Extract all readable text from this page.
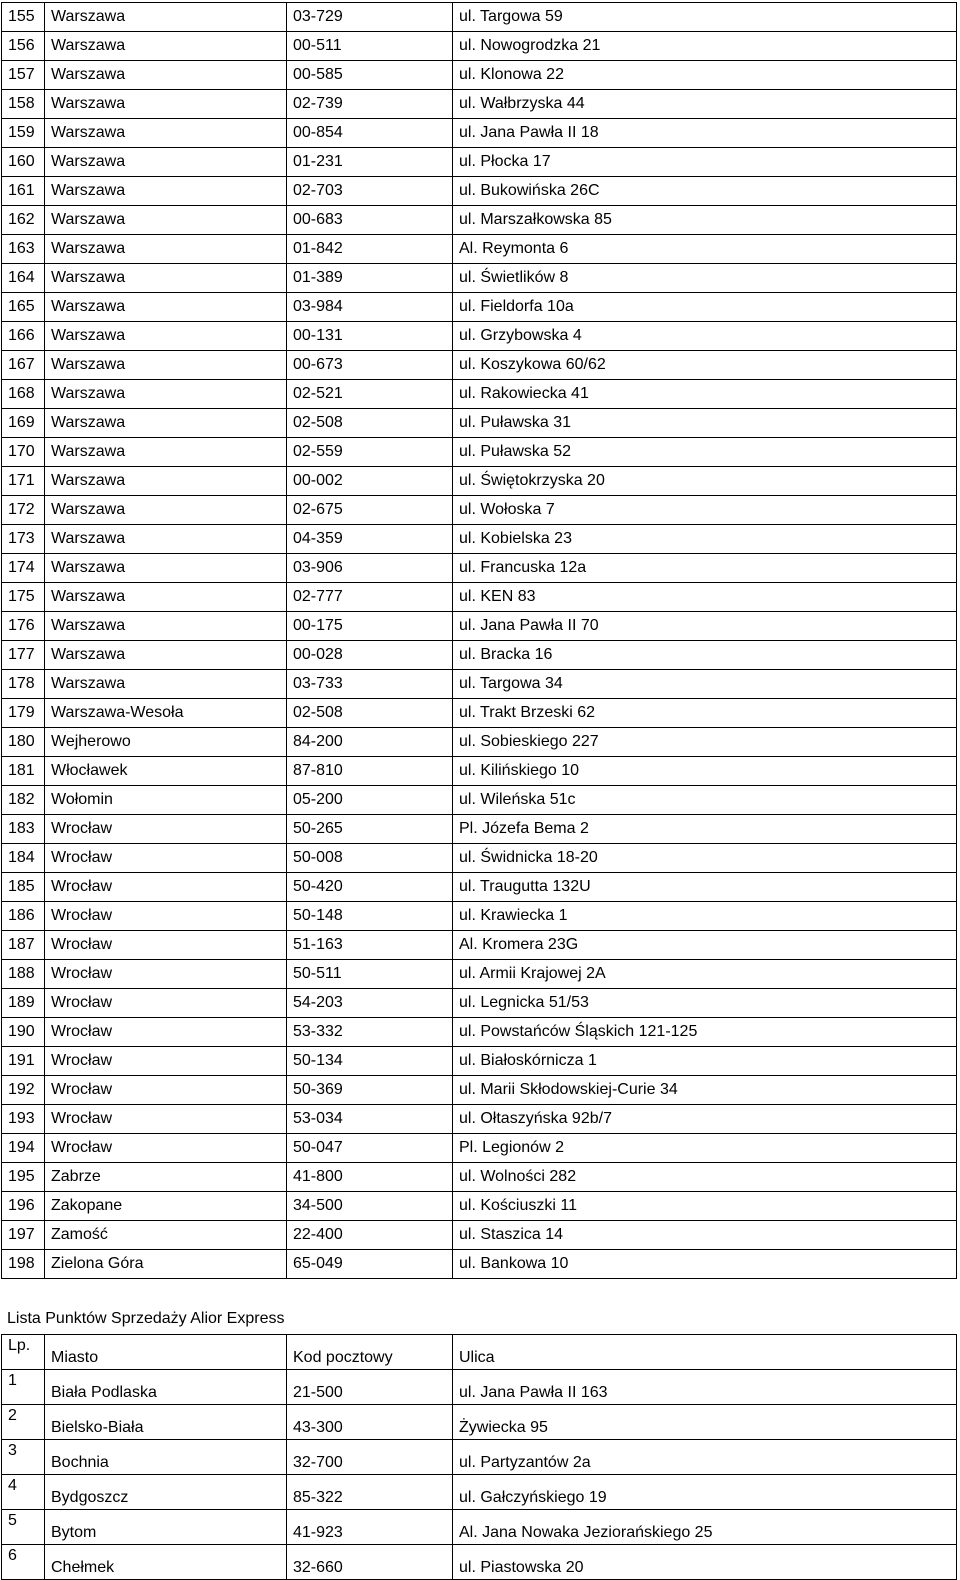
155	Warszawa	03-729	ul. Targowa 59
156	Warszawa	00-511	ul. Nowogrodzka 21
157	Warszawa	00-585	ul. Klonowa 22
158	Warszawa	02-739	ul. Wałbrzyska 44
159	Warszawa	00-854	ul. Jana Pawła II 18
160	Warszawa	01-231	ul. Płocka 17
161	Warszawa	02-703	ul. Bukowińska 26C
162	Warszawa	00-683	ul. Marszałkowska 85
163	Warszawa	01-842	Al. Reymonta 6
164	Warszawa	01-389	ul. Świetlików 8
165	Warszawa	03-984	ul. Fieldorfa 10a
166	Warszawa	00-131	ul. Grzybowska 4
167	Warszawa	00-673	ul. Koszykowa 60/62
168	Warszawa	02-521	ul. Rakowiecka 41
169	Warszawa	02-508	ul. Puławska 31
170	Warszawa	02-559	ul. Puławska 52
171	Warszawa	00-002	ul. Świętokrzyska 20
172	Warszawa	02-675	ul. Wołoska 7
173	Warszawa	04-359	ul. Kobielska 23
174	Warszawa	03-906	ul. Francuska 12a
175	Warszawa	02-777	ul. KEN 83
176	Warszawa	00-175	ul. Jana Pawła II 70
177	Warszawa	00-028	ul. Bracka 16
178	Warszawa	03-733	ul. Targowa 34
179	Warszawa-Wesoła	02-508	ul. Trakt Brzeski 62
180	Wejherowo	84-200	ul. Sobieskiego 227
181	Włocławek	87-810	ul. Kilińskiego 10
182	Wołomin	05-200	ul. Wileńska 51c
183	Wrocław	50-265	Pl. Józefa Bema 2
184	Wrocław	50-008	ul. Świdnicka 18-20
185	Wrocław	50-420	ul. Traugutta 132U
186	Wrocław	50-148	ul. Krawiecka 1
187	Wrocław	51-163	Al. Kromera 23G
188	Wrocław	50-511	ul. Armii Krajowej 2A
189	Wrocław	54-203	ul. Legnicka 51/53
190	Wrocław	53-332	ul. Powstańców Śląskich 121-125
191	Wrocław	50-134	ul. Białoskórnicza 1
192	Wrocław	50-369	ul. Marii Skłodowskiej-Curie 34
193	Wrocław	53-034	ul. Ołtaszyńska 92b/7
194	Wrocław	50-047	Pl. Legionów 2
195	Zabrze	41-800	ul. Wolności 282
196	Zakopane	34-500	ul. Kościuszki 11
197	Zamość	22-400	ul. Staszica 14
198	Zielona Góra	65-049	ul. Bankowa 10
Lista Punktów Sprzedaży Alior Express
Lp.	Miasto	Kod pocztowy	Ulica
1	Biała Podlaska	21-500	ul. Jana Pawła II 163
2	Bielsko-Biała	43-300	Żywiecka 95
3	Bochnia	32-700	ul. Partyzantów 2a
4	Bydgoszcz	85-322	ul. Gałczyńskiego 19
5	Bytom	41-923	Al. Jana Nowaka Jeziorańskiego 25
6	Chełmek	32-660	ul. Piastowska 20
